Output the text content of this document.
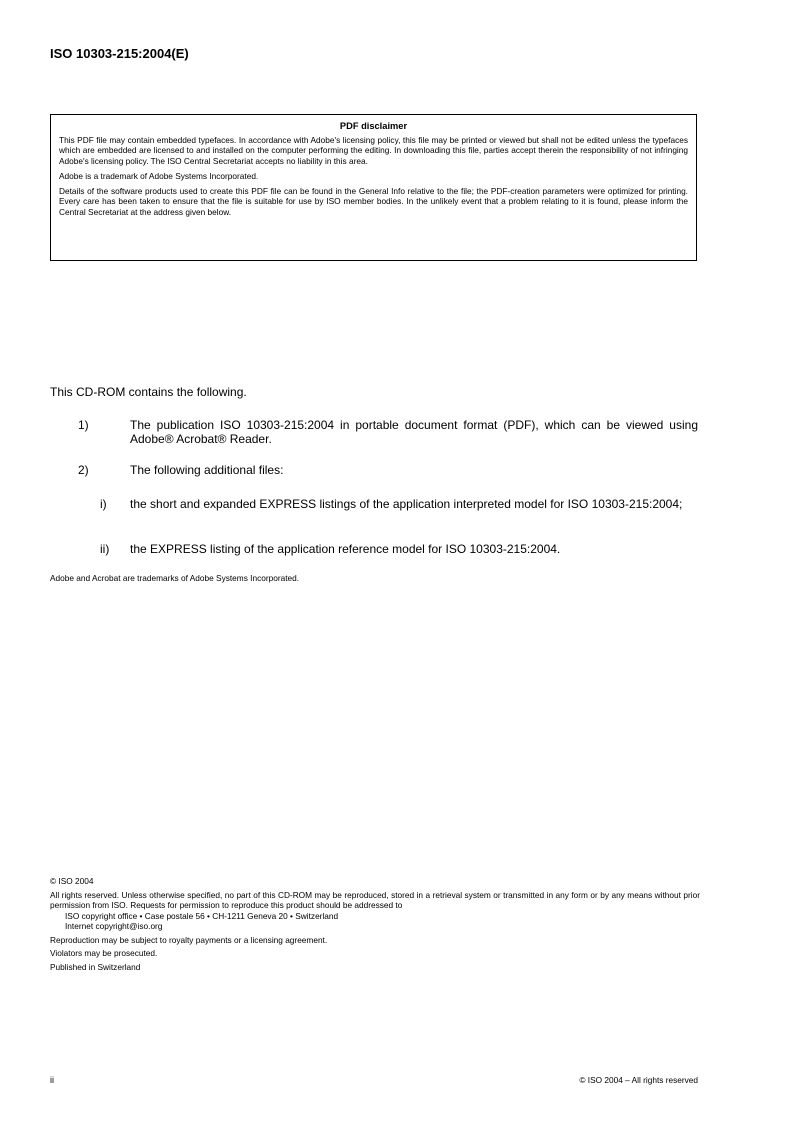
ISO 10303-215:2004(E)
PDF disclaimer

This PDF file may contain embedded typefaces. In accordance with Adobe's licensing policy, this file may be printed or viewed but shall not be edited unless the typefaces which are embedded are licensed to and installed on the computer performing the editing. In downloading this file, parties accept therein the responsibility of not infringing Adobe's licensing policy. The ISO Central Secretariat accepts no liability in this area.

Adobe is a trademark of Adobe Systems Incorporated.

Details of the software products used to create this PDF file can be found in the General Info relative to the file; the PDF-creation parameters were optimized for printing. Every care has been taken to ensure that the file is suitable for use by ISO member bodies. In the unlikely event that a problem relating to it is found, please inform the Central Secretariat at the address given below.

This CD-ROM contains the following.
1)	The publication ISO 10303-215:2004 in portable document format (PDF), which can be viewed using Adobe® Acrobat® Reader.
2)	The following additional files:
i) the short and expanded EXPRESS listings of the application interpreted model for ISO 10303-215:2004;
ii) the EXPRESS listing of the application reference model for ISO 10303-215:2004.
Adobe and Acrobat are trademarks of Adobe Systems Incorporated.
© ISO 2004
All rights reserved. Unless otherwise specified, no part of this CD-ROM may be reproduced, stored in a retrieval system or transmitted in any form or by any means without prior permission from ISO. Requests for permission to reproduce this product should be addressed to
ISO copyright office • Case postale 56 • CH-1211 Geneva 20 • Switzerland
Internet copyright@iso.org
Reproduction may be subject to royalty payments or a licensing agreement.
Violators may be prosecuted.
Published in Switzerland
ii	© ISO 2004 – All rights reserved
